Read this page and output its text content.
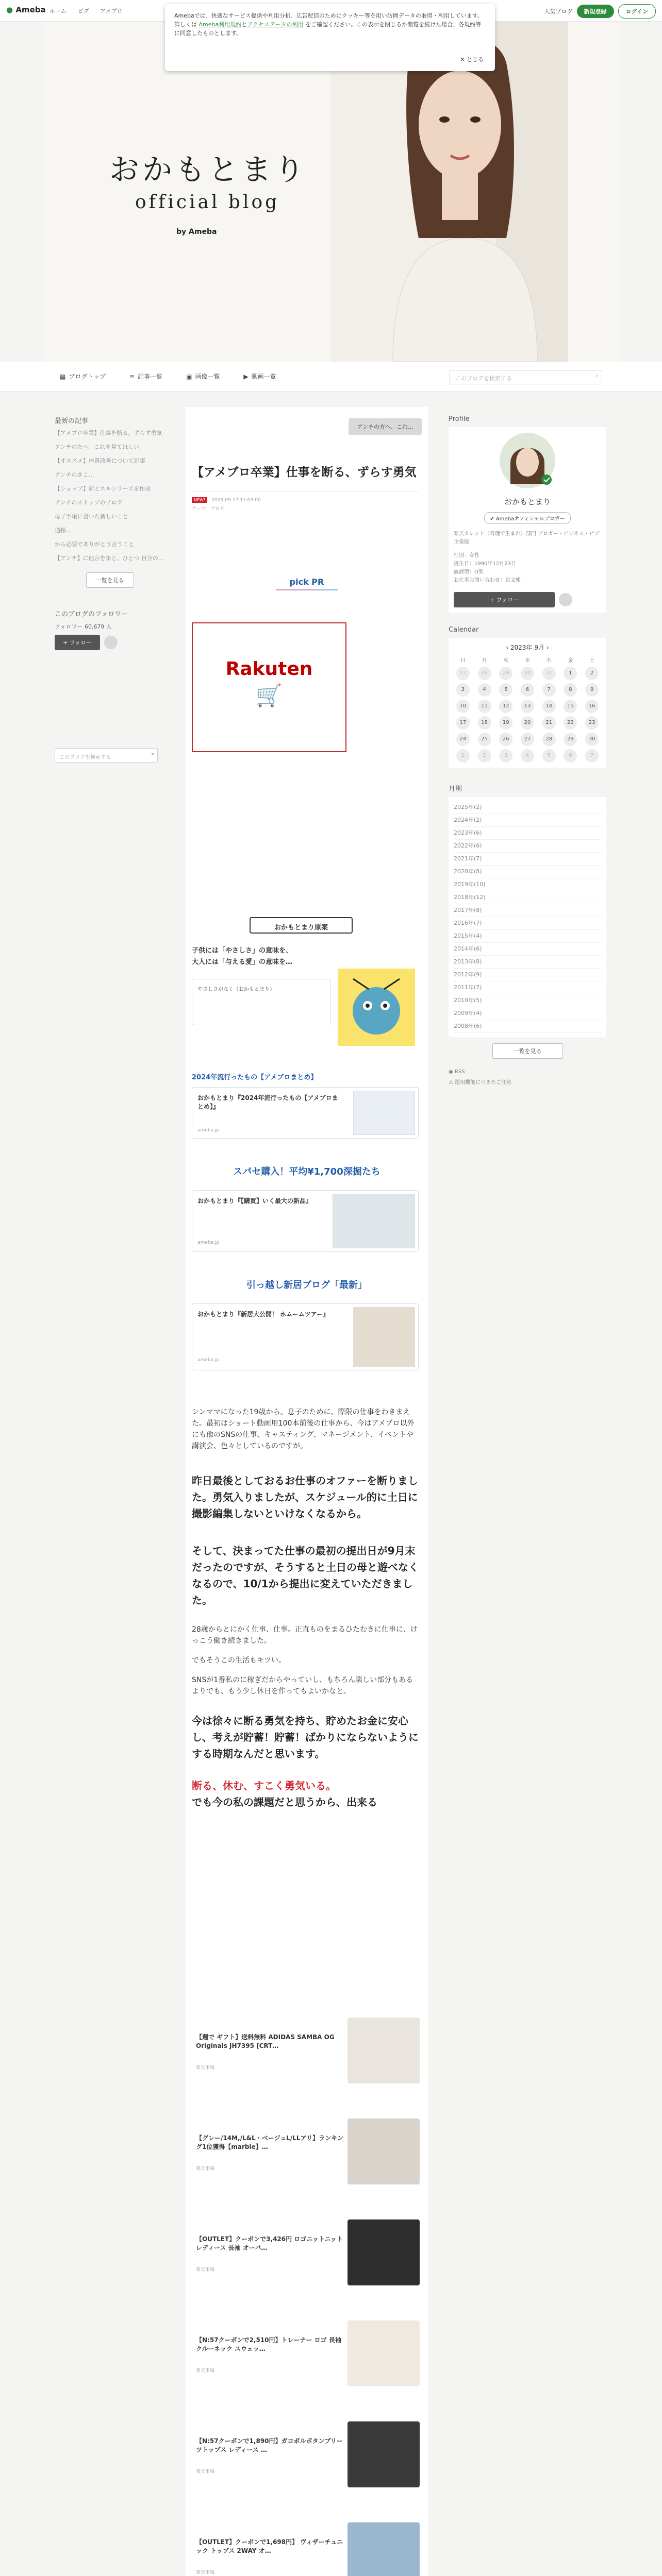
● Ameba ホーム ピグ アメブロ	人気ブログ	新規登録	ログイン
おかもとまり
official blog
by Ameba
Amebaでは、快適なサービス提供や利用分析、広告配信のためにクッキー等を用い訪問データの取得・利用しています。詳しくは Ameba利用規約とアクセスデータの利用 をご確認ください。この表示を閉じるか閲覧を続けた場合、各規約等に同意したものとします。
✕ とじる
▦ ブログトップ	≡ 記事一覧	▣ 画像一覧	▶ 動画一覧	このブログを検索する	⌕
最新の記事
【アメブロ卒業】仕事を断る。ずらす勇気
アンチのたへ。これを見てほしい。
【オススメ】体質改善について記事
アンチのきこ…
【ショップ】新とネルシリーズを作成
アンチのストップのブログ
母子手帳に書いた新しいこと
通帳…
から必要でありがとう言うこと
【アンチ】に他言を年と、ひとつ 自分の…
一覧を見る
このブログのフォロワー
フォロワー 60,679 人
+ フォロー
このブログを検索する
⌕
アンチの方へ、これ…
【アメブロ卒業】仕事を断る、ずらす勇気
NEW!	2023-09-17 17:03:00
テーマ：ブログ
pick PR
Rakuten
🛒
おかもとまり原案
子供には「やさしさ」の意味を、
大人には「与える愛」の意味を…
やさしさがなく（おかもとまり）
2024年流行ったもの【アメブロまとめ】
おかもとまり『2024年流行ったもの【アメブロまとめ】』
ameba.jp
スパセ購入！平均¥1,700深掘たち
おかもとまり『【購買】いく最大の新品』
ameba.jp
引っ越し新居ブログ「最新」
おかもとまり『新居大公開！ ホムームツアー』
ameba.jp
シンママになった19歳から。息子のために、際限の仕事をわきまえた。最初はショート動画用100本前後の仕事から、今はアメブロ以外にも他のSNSの仕事、キャスティング、マネージメント、イベントや講演会、色々としているのですが。
昨日最後としておるお仕事のオファーを断りました。勇気入りましたが、スケジュール的に土日に撮影編集しないといけなくなるから。
そして、決まってた仕事の最初の提出日が9月末だったのですが、そうすると土日の母と遊べなくなるので、10/1から提出に変えていただきました。
28歳からとにかく仕事、仕事。正直ものをまるひたむきに仕事に、けっこう働き続きました。
でもそうこの生活もキツい。
SNSが1番私のに稼ぎだからやっていし、もちろん楽しい部分もあるよりでも、もう少し休日を作ってもよいかなと。
今は徐々に断る勇気を持ち、貯めたお金に安心し、考えが貯蓄！貯蓄！ばかりにならないようにする時期なんだと思います。
断る、休む、すこく勇気いる。
でも今の私の課題だと思うから、出来る
【週で ギフト】送料無料 ADIDAS SAMBA OG Originals JH7395 [CRT…
楽天市場
【グレー/14M,/L&L・ベージュL/LLアリ】ランキング1位獲得【marble】…
楽天市場
【OUTLET】クーポンで3,426円 ロゴニットニット レディース 長袖 オーバ…
楽天市場
【N:57クーポンで2,510円】トレーナー ロゴ 長袖 クルーネック スウェッ…
楽天市場
【N:57クーポンで1,890円】ガコポルボタンプリーツトップス レディース …
楽天市場
【OUTLET】クーポンで1,698円】 ヴィザーチュニック トップス 2WAY オ…
楽天市場
Profile
おかもとまり
✔ Amebaオフィシャルブロガー
楽天タレント（料理で生まれ）部門 ブロガー・ビジネス・ビブ企業販
性別：女性
誕生日：1990年12月23日
血液型：O型
お仕事お問い合わせ：長文帳
+ フォロー
Calendar
‹ 2023年 9月 ›
日	月	火	水	木	金	土
27	28	29	30	31	1	2
3	4	5	6	7	8	9
10	11	12	13	14	15	16
17	18	19	20	21	22	23
24	25	26	27	28	29	30
1	2	3	4	5	6	7
月別
2025年(2)
2024年(2)
2023年(6)
2022年(6)
2021年(7)
2020年(8)
2019年(10)
2018年(12)
2017年(8)
2016年(7)
2015年(4)
2014年(6)
2013年(8)
2012年(9)
2011年(7)
2010年(5)
2009年(4)
2008年(6)
一覧を見る
◉ RSS
⚠ 運用機能につきたご注意
